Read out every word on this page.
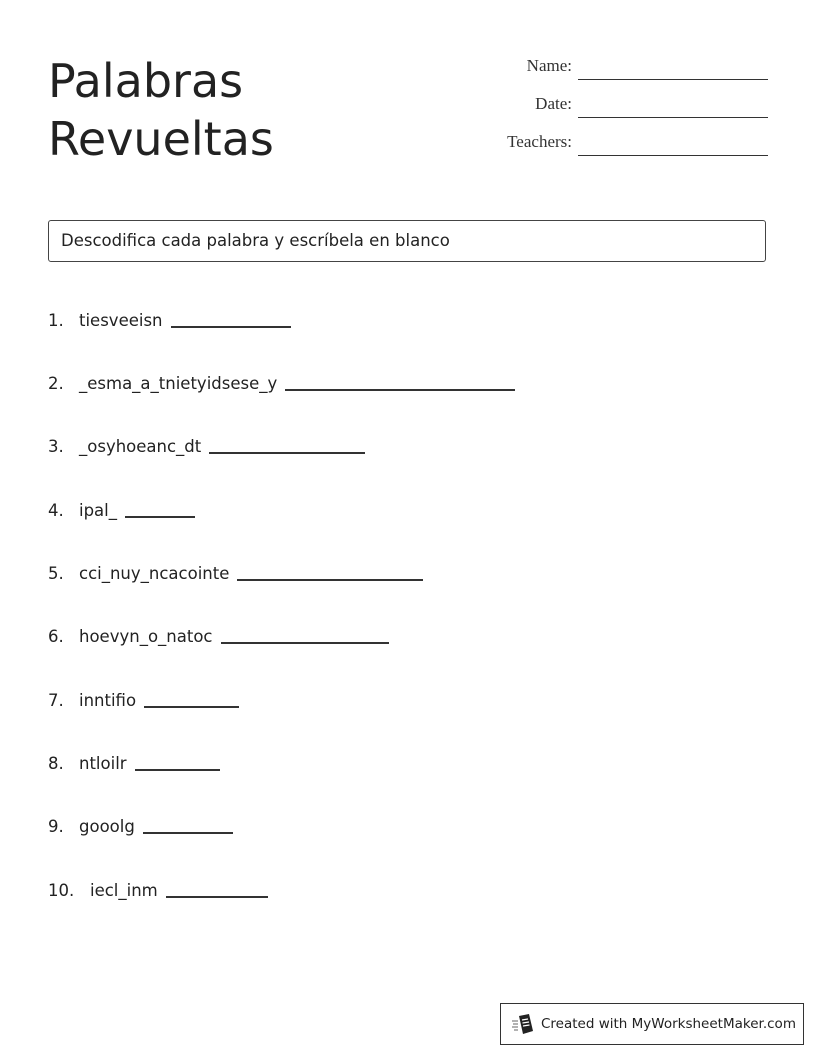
Palabras
Revueltas
Name:
Date:
Teachers:
Descodifica cada palabra y escríbela en blanco
1. tiesveeisn
2. _esma_a_tnietyidsese_y
3. _osyhoeanc_dt
4. ipal_
5. cci_nuy_ncacointe
6. hoevyn_o_natoc
7. inntifio
8. ntloilr
9. gooolg
10. iecl_inm
Created with MyWorksheetMaker.com
